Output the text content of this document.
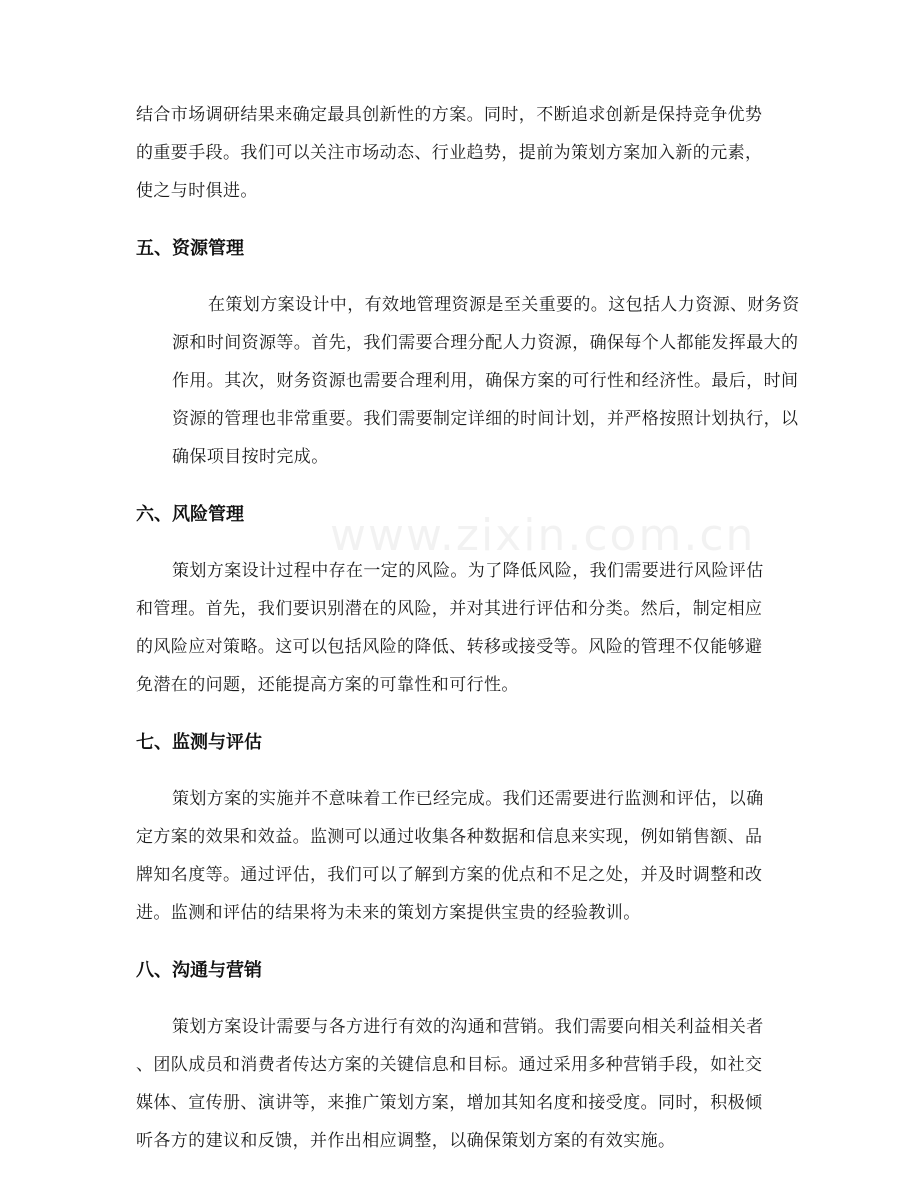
结合市场调研结果来确定最具创新性的方案。同时，不断追求创新是保持竞争优势
的重要手段。我们可以关注市场动态、行业趋势，提前为策划方案加入新的元素，
使之与时俱进。

五、资源管理

在策划方案设计中，有效地管理资源是至关重要的。这包括人力资源、财务资
源和时间资源等。首先，我们需要合理分配人力资源，确保每个人都能发挥最大的
作用。其次，财务资源也需要合理利用，确保方案的可行性和经济性。最后，时间
资源的管理也非常重要。我们需要制定详细的时间计划，并严格按照计划执行，以
确保项目按时完成。

六、风险管理

策划方案设计过程中存在一定的风险。为了降低风险，我们需要进行风险评估
和管理。首先，我们要识别潜在的风险，并对其进行评估和分类。然后，制定相应
的风险应对策略。这可以包括风险的降低、转移或接受等。风险的管理不仅能够避
免潜在的问题，还能提高方案的可靠性和可行性。

七、监测与评估

策划方案的实施并不意味着工作已经完成。我们还需要进行监测和评估，以确
定方案的效果和效益。监测可以通过收集各种数据和信息来实现，例如销售额、品
牌知名度等。通过评估，我们可以了解到方案的优点和不足之处，并及时调整和改
进。监测和评估的结果将为未来的策划方案提供宝贵的经验教训。

八、沟通与营销

策划方案设计需要与各方进行有效的沟通和营销。我们需要向相关利益相关者
、团队成员和消费者传达方案的关键信息和目标。通过采用多种营销手段，如社交
媒体、宣传册、演讲等，来推广策划方案，增加其知名度和接受度。同时，积极倾
听各方的建议和反馈，并作出相应调整，以确保策划方案的有效实施。

www.zixin.com.cn
